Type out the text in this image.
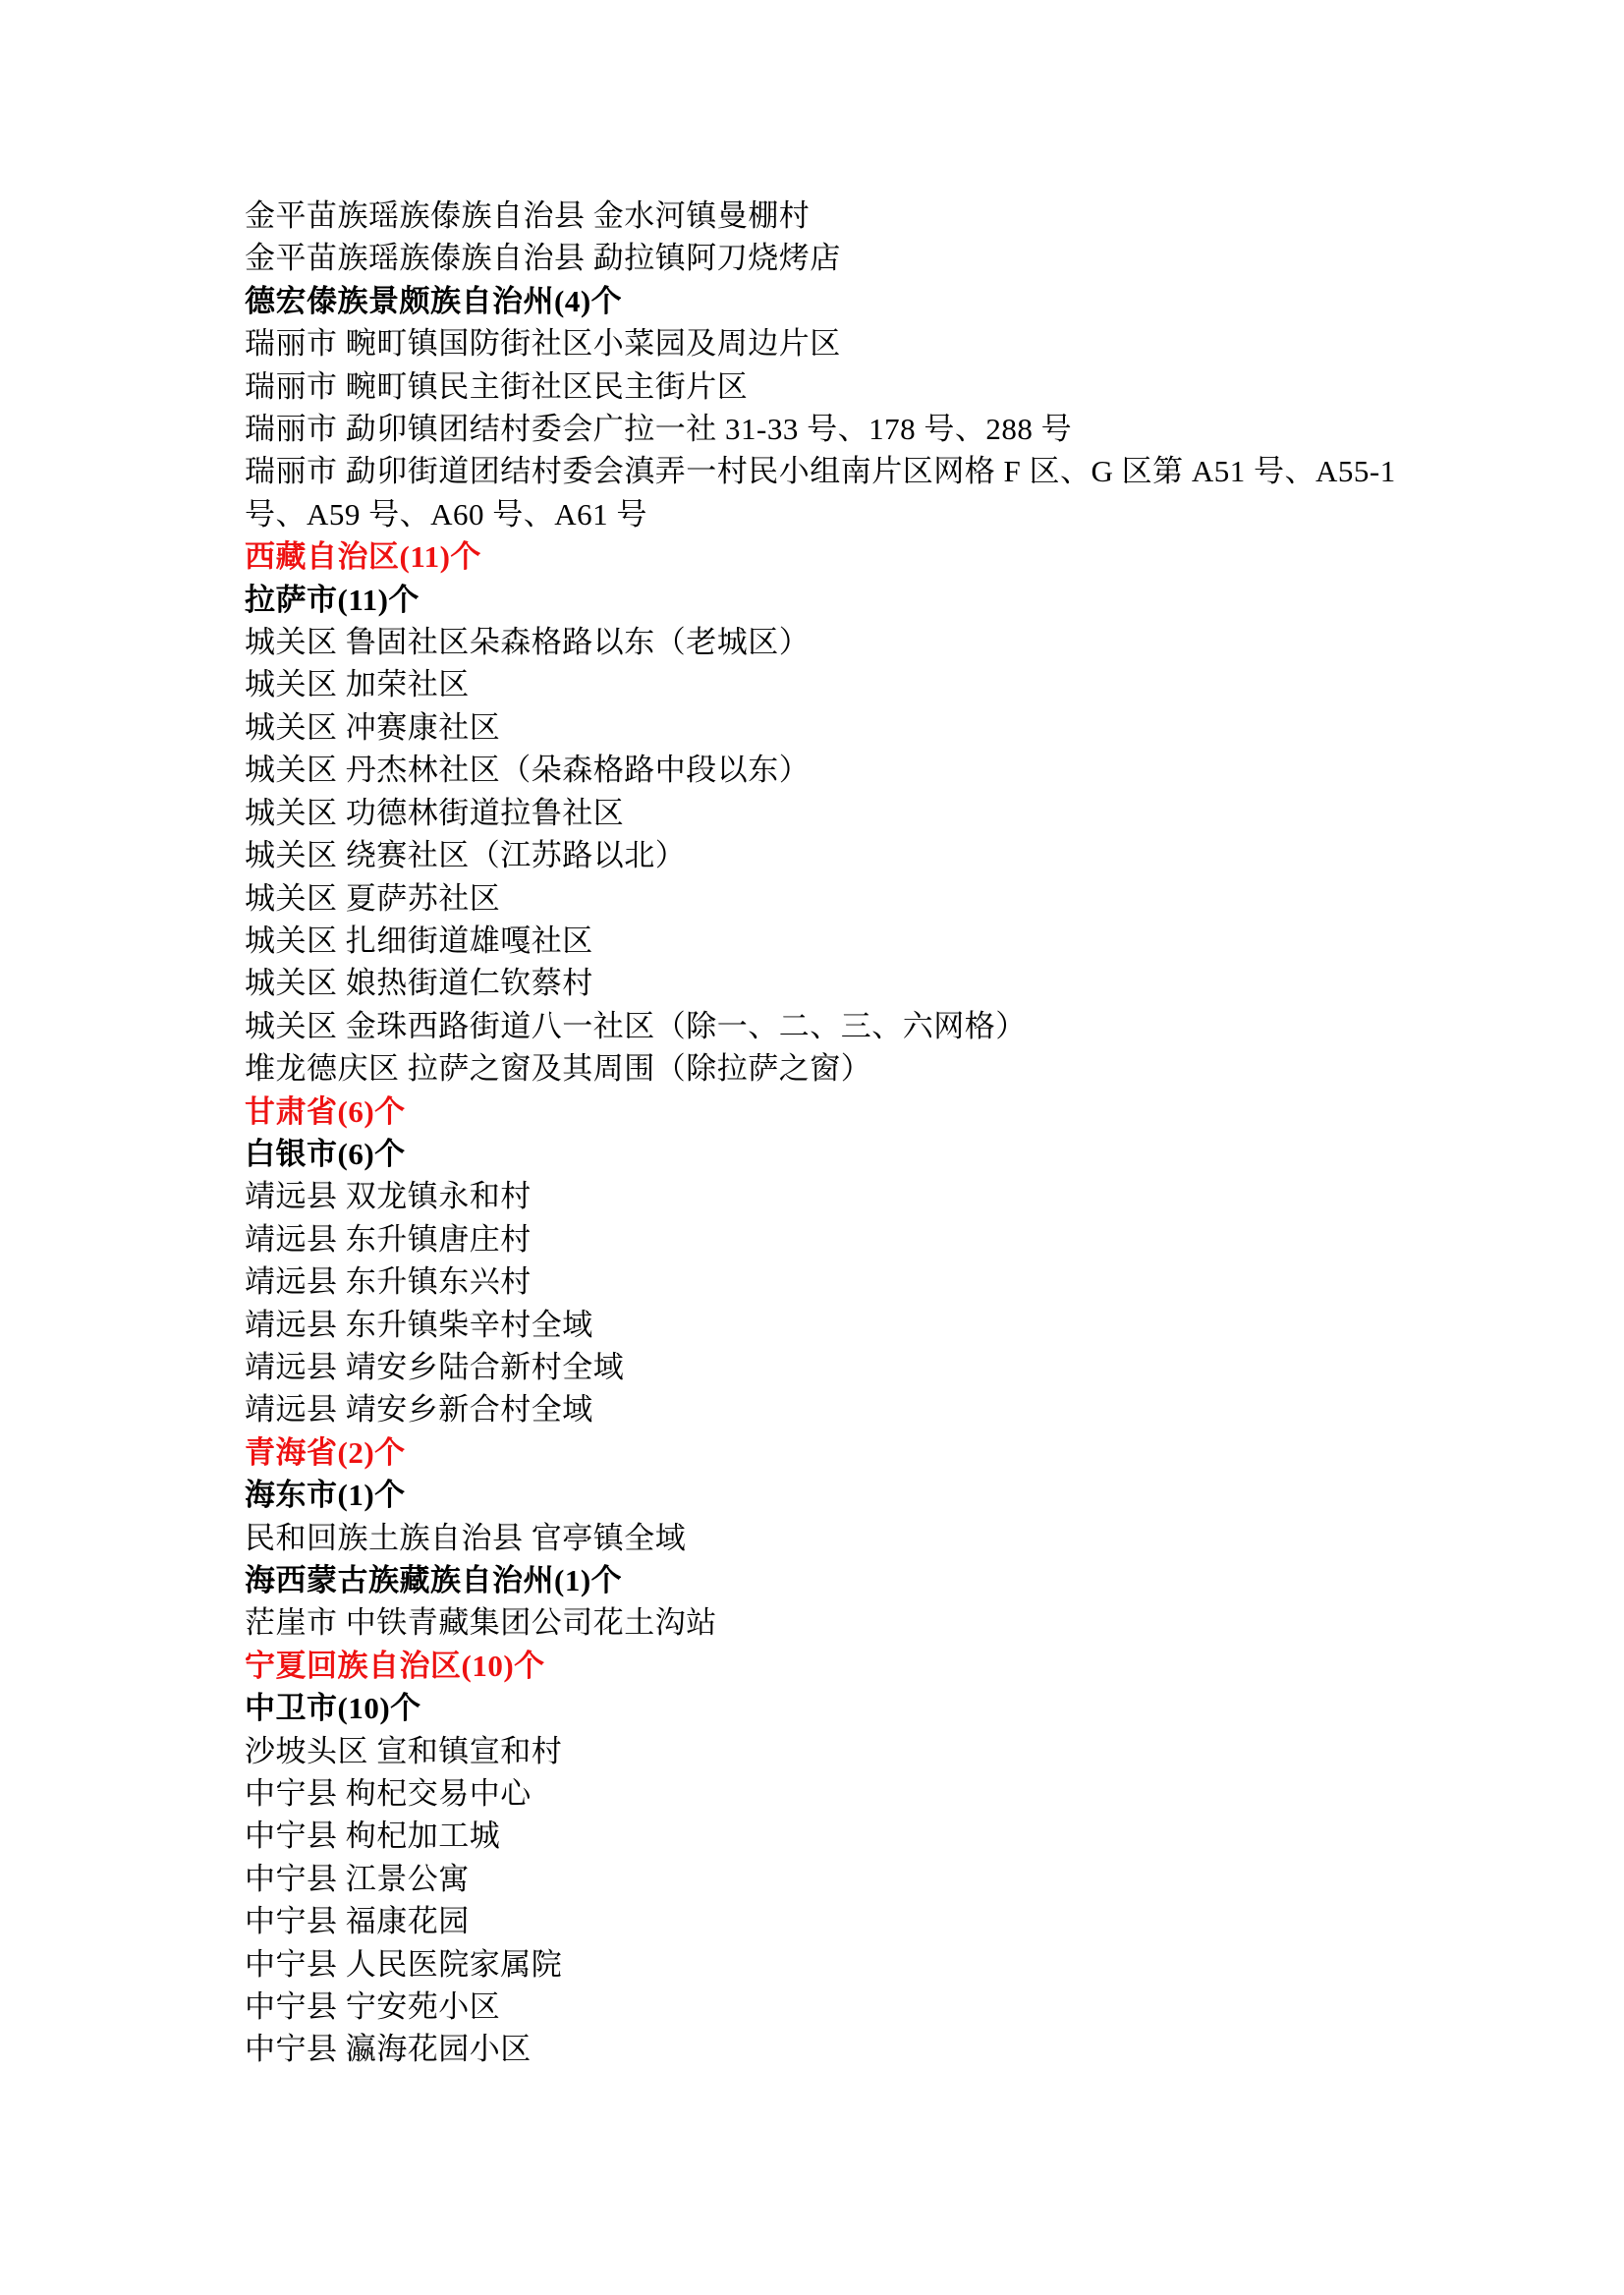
金平苗族瑶族傣族自治县 金水河镇曼棚村
金平苗族瑶族傣族自治县 勐拉镇阿刀烧烤店
德宏傣族景颇族自治州(4)个
瑞丽市 畹町镇国防街社区小菜园及周边片区
瑞丽市 畹町镇民主街社区民主街片区
瑞丽市 勐卯镇团结村委会广拉一社 31-33 号、178 号、288 号
瑞丽市 勐卯街道团结村委会滇弄一村民小组南片区网格 F 区、G 区第 A51 号、A55-1
号、A59 号、A60 号、A61 号
西藏自治区(11)个
拉萨市(11)个
城关区 鲁固社区朵森格路以东（老城区）
城关区 加荣社区
城关区 冲赛康社区
城关区 丹杰林社区（朵森格路中段以东）
城关区 功德林街道拉鲁社区
城关区 绕赛社区（江苏路以北）
城关区 夏萨苏社区
城关区 扎细街道雄嘎社区
城关区 娘热街道仁钦蔡村
城关区 金珠西路街道八一社区（除一、二、三、六网格）
堆龙德庆区 拉萨之窗及其周围（除拉萨之窗）
甘肃省(6)个
白银市(6)个
靖远县 双龙镇永和村
靖远县 东升镇唐庄村
靖远县 东升镇东兴村
靖远县 东升镇柴辛村全域
靖远县 靖安乡陆合新村全域
靖远县 靖安乡新合村全域
青海省(2)个
海东市(1)个
民和回族土族自治县 官亭镇全域
海西蒙古族藏族自治州(1)个
茫崖市 中铁青藏集团公司花土沟站
宁夏回族自治区(10)个
中卫市(10)个
沙坡头区 宣和镇宣和村
中宁县 枸杞交易中心
中宁县 枸杞加工城
中宁县 江景公寓
中宁县 福康花园
中宁县 人民医院家属院
中宁县 宁安苑小区
中宁县 瀛海花园小区
